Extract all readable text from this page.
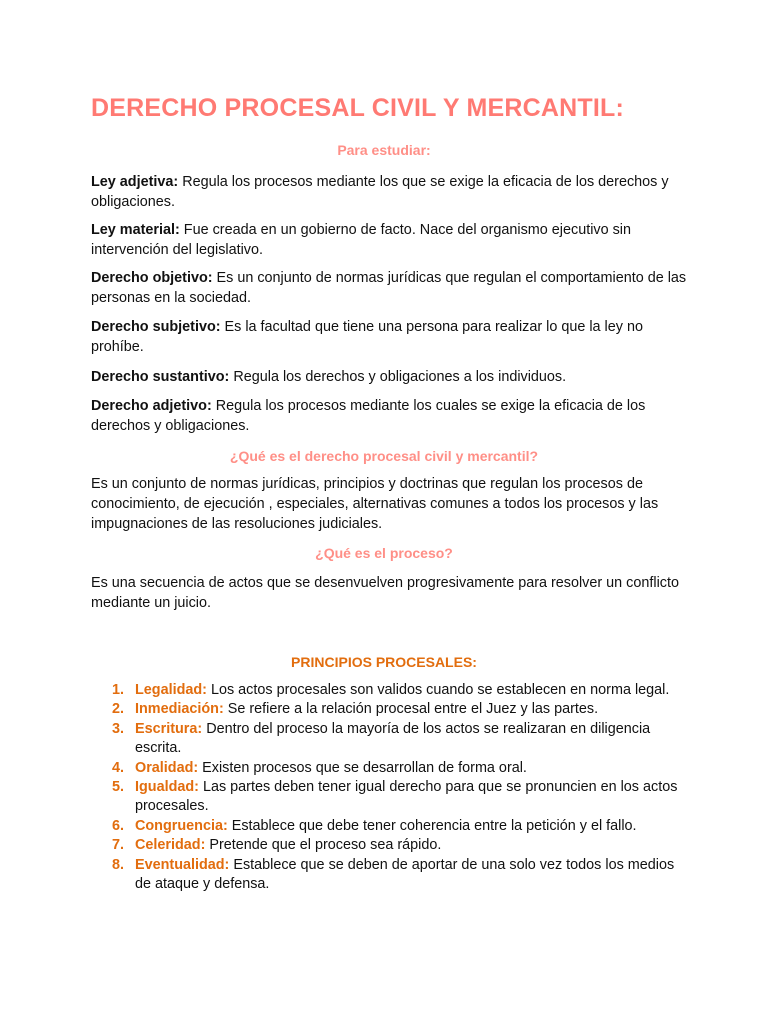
DERECHO PROCESAL CIVIL Y MERCANTIL:

Para estudiar:

Ley adjetiva: Regula los procesos mediante los que se exige la eficacia de los derechos y obligaciones.

Ley material: Fue creada en un gobierno de facto. Nace del organismo ejecutivo sin intervención del legislativo.

Derecho objetivo: Es un conjunto de normas jurídicas que regulan el comportamiento de las personas en la sociedad.

Derecho subjetivo: Es la facultad que tiene una persona para realizar lo que la ley no prohíbe.

Derecho sustantivo: Regula los derechos y obligaciones a los individuos.

Derecho adjetivo: Regula los procesos mediante los cuales se exige la eficacia de los derechos y obligaciones.

¿Qué es el derecho procesal civil y mercantil?

Es un conjunto de normas jurídicas, principios y doctrinas que regulan los procesos de conocimiento, de ejecución , especiales, alternativas comunes a todos los procesos y las impugnaciones de las resoluciones judiciales.

¿Qué es el proceso?

Es una secuencia de actos que se desenvuelven progresivamente para resolver un conflicto mediante un juicio.

PRINCIPIOS PROCESALES:

1. Legalidad: Los actos procesales son validos cuando se establecen en norma legal.
2. Inmediación: Se refiere a la relación procesal entre el Juez y las partes.
3. Escritura: Dentro del proceso la mayoría de los actos se realizaran en diligencia escrita.
4. Oralidad: Existen procesos que se desarrollan de forma oral.
5. Igualdad: Las partes deben tener igual derecho para que se pronuncien en los actos procesales.
6. Congruencia: Establece que debe tener coherencia entre la petición y el fallo.
7. Celeridad: Pretende que el proceso sea rápido.
8. Eventualidad: Establece que se deben de aportar de una solo vez todos los medios de ataque y defensa.
